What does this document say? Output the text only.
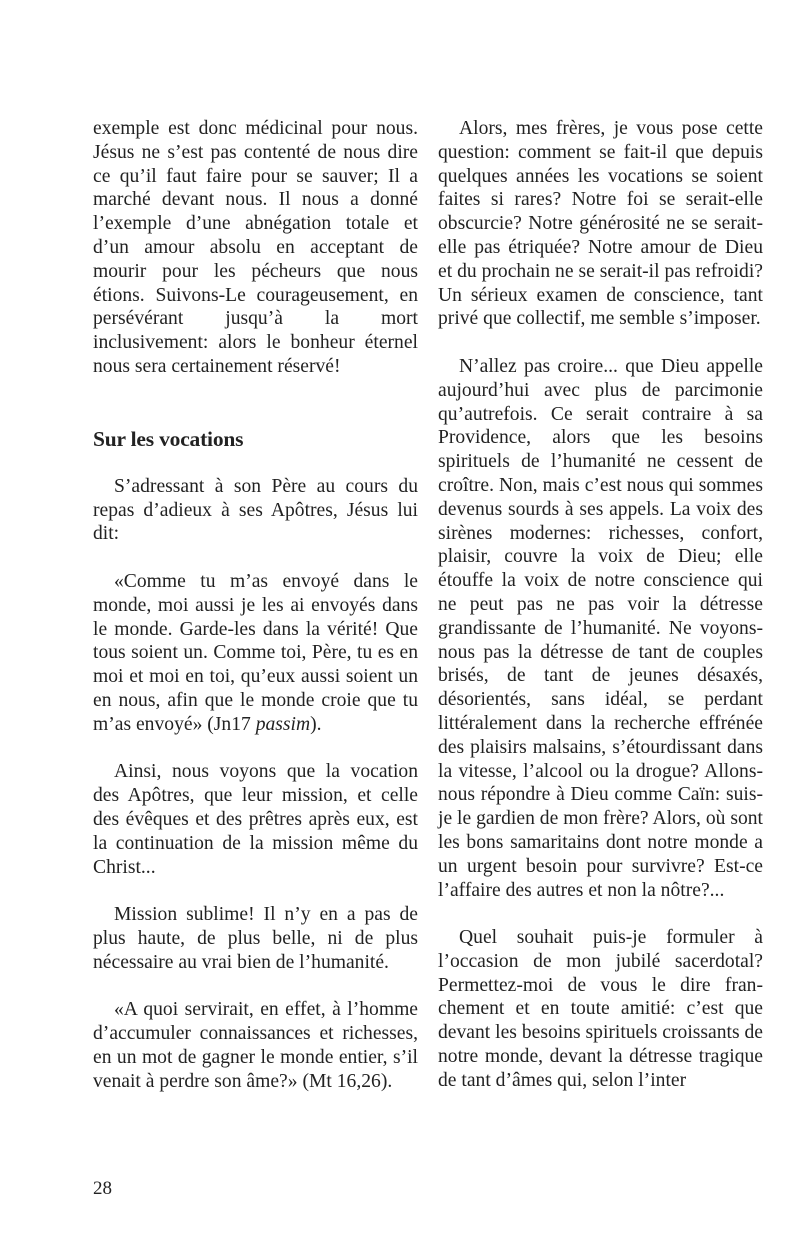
exemple est donc médicinal pour nous. Jésus ne s’est pas contenté de nous dire ce qu’il faut faire pour se sauver; Il a marché devant nous. Il nous a donné l’exemple d’une abnégation totale et d’un amour absolu en acceptant de mourir pour les pécheurs que nous étions. Suivons-Le courageusement, en persévérant jusqu’à la mort inclusivement: alors le bonheur éternel nous sera certainement réservé!

Sur les vocations

S’adressant à son Père au cours du repas d’adieux à ses Apôtres, Jésus lui dit:

«Comme tu m’as envoyé dans le monde, moi aussi je les ai envoyés dans le monde. Garde-les dans la vérité! Que tous soient un. Comme toi, Père, tu es en moi et moi en toi, qu’eux aussi soient un en nous, afin que le monde croie que tu m’as envoyé» (Jn17 passim).

Ainsi, nous voyons que la vocation des Apôtres, que leur mission, et celle des évêques et des prêtres après eux, est la continuation de la mission même du Christ...

Mission sublime! Il n’y en a pas de plus haute, de plus belle, ni de plus nécessaire au vrai bien de l’humanité.

«A quoi servirait, en effet, à l’homme d’accumuler connaissances et richesses, en un mot de gagner le monde entier, s’il venait à perdre son âme?» (Mt 16,26).

Alors, mes frères, je vous pose cette question: comment se fait-il que depuis quelques années les vocations se soient faites si rares? Notre foi se serait-elle obscurcie? Notre générosité ne se serait-elle pas étriquée? Notre amour de Dieu et du prochain ne se serait-il pas refroidi? Un sérieux examen de conscience, tant privé que collectif, me semble s’imposer.

N’allez pas croire... que Dieu appelle aujourd’hui avec plus de parcimonie qu’autrefois. Ce serait contraire à sa Providence, alors que les besoins spirituels de l’humanité ne cessent de croître. Non, mais c’est nous qui sommes devenus sourds à ses appels. La voix des sirènes modernes: richesses, confort, plaisir, couvre la voix de Dieu; elle étouffe la voix de notre conscience qui ne peut pas ne pas voir la détresse grandissante de l’humanité. Ne voyons-nous pas la détresse de tant de couples brisés, de tant de jeunes désaxés, désorientés, sans idéal, se perdant littéralement dans la recherche effrénée des plaisirs malsains, s’étourdissant dans la vitesse, l’alcool ou la drogue? Allons-nous répondre à Dieu comme Caïn: suis-je le gardien de mon frère? Alors, où sont les bons samaritains dont notre monde a un urgent besoin pour survivre? Est-ce l’affaire des autres et non la nôtre?...

Quel souhait puis-je formuler à l’occasion de mon jubilé sacerdotal? Permettez-moi de vous le dire franchement et en toute amitié: c’est que devant les besoins spirituels croissants de notre monde, devant la détresse tragique de tant d’âmes qui, selon l’inter

28
